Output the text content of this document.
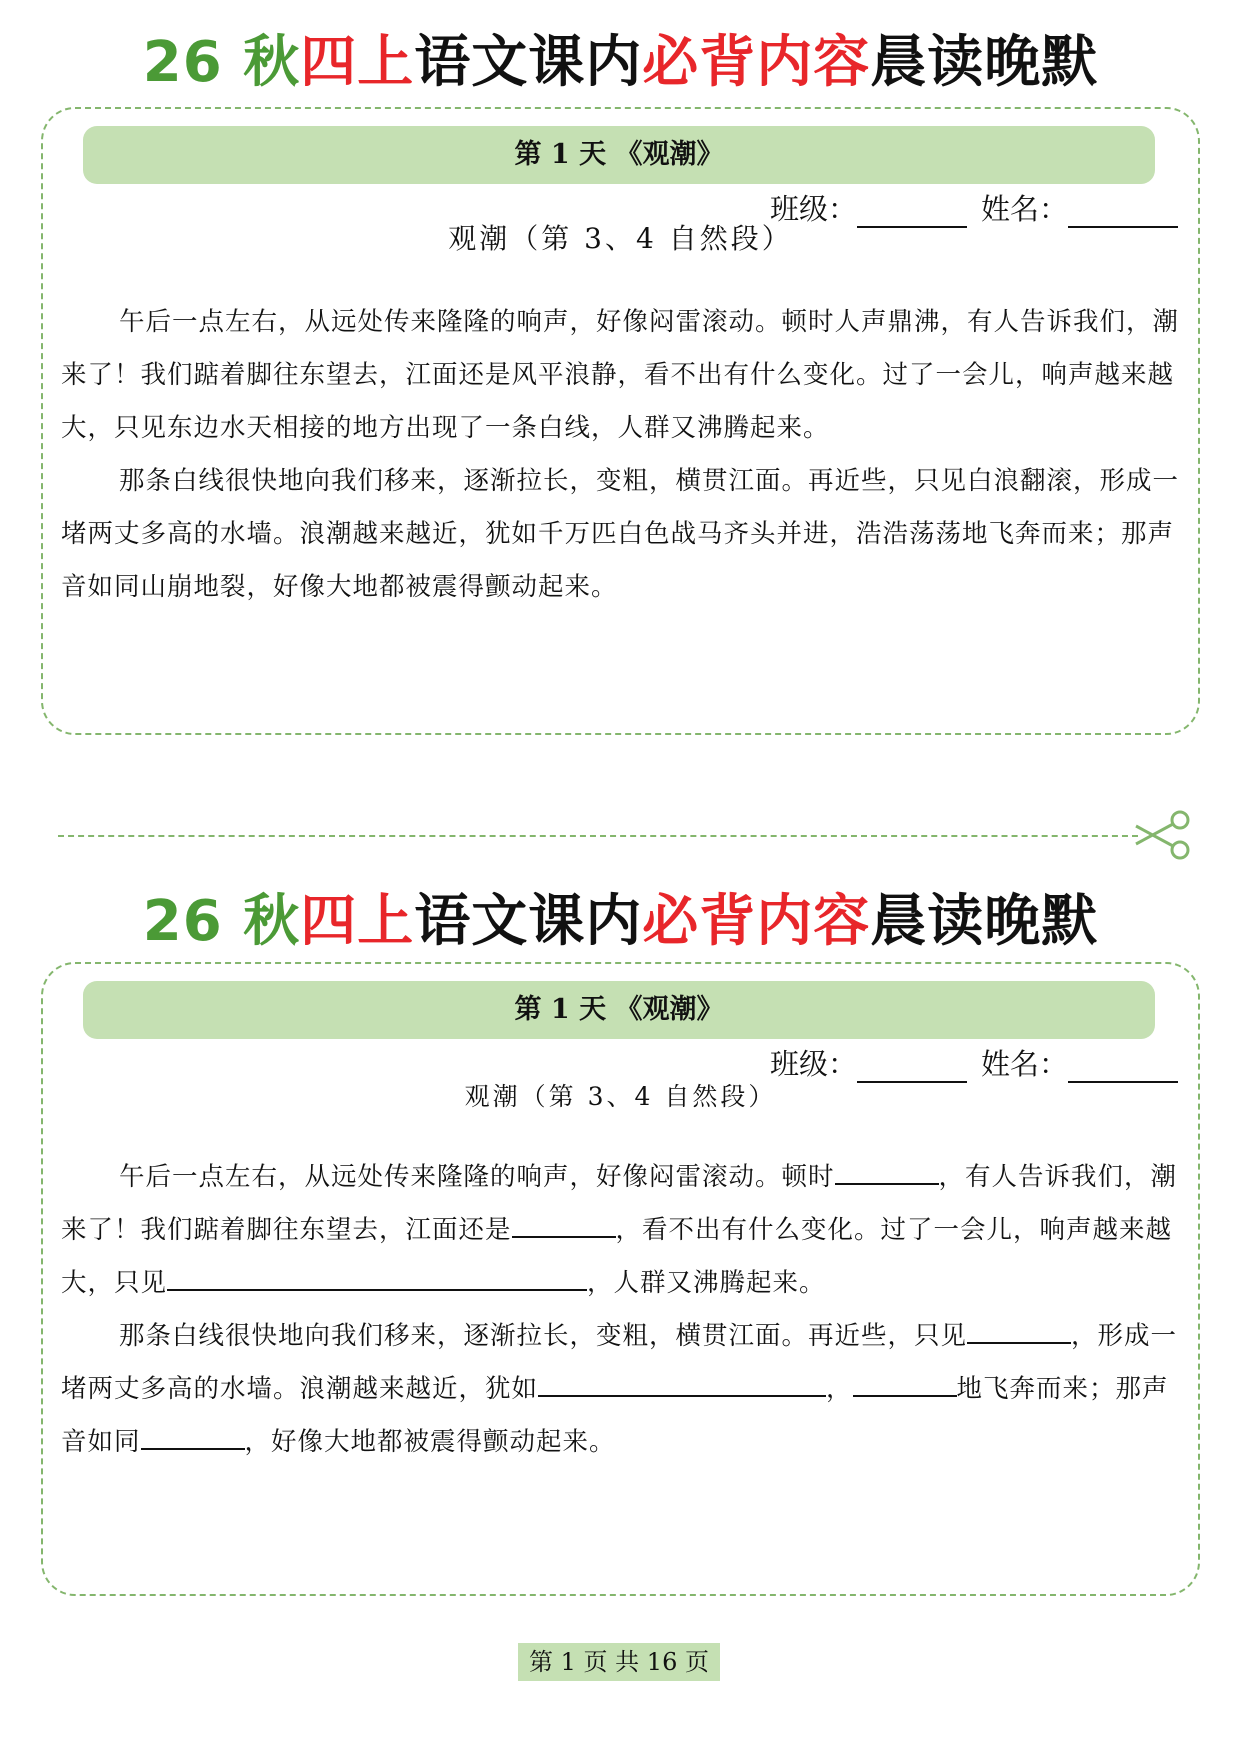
26 秋四上语文课内必背内容晨读晚默
第 1 天 《观潮》
班级：	姓名：
观潮（第 3、4 自然段）

午后一点左右，从远处传来隆隆的响声，好像闷雷滚动。顿时人声鼎沸，有人告诉我们，潮来了！我们踮着脚往东望去，江面还是风平浪静，看不出有什么变化。过了一会儿，响声越来越大，只见东边水天相接的地方出现了一条白线，人群又沸腾起来。

那条白线很快地向我们移来，逐渐拉长，变粗，横贯江面。再近些，只见白浪翻滚，形成一堵两丈多高的水墙。浪潮越来越近，犹如千万匹白色战马齐头并进，浩浩荡荡地飞奔而来；那声音如同山崩地裂，好像大地都被震得颤动起来。

26 秋四上语文课内必背内容晨读晚默
第 1 天 《观潮》
班级：	姓名：
观潮（第 3、4 自然段）

午后一点左右，从远处传来隆隆的响声，好像闷雷滚动。顿时	，有人告诉我们，潮来了！我们踮着脚往东望去，江面还是	，看不出有什么变化。过了一会儿，响声越来越大，只见	，人群又沸腾起来。

那条白线很快地向我们移来，逐渐拉长，变粗，横贯江面。再近些，只见	，形成一堵两丈多高的水墙。浪潮越来越近，犹如	，	地飞奔而来；那声音如同	，好像大地都被震得颤动起来。

第 1 页 共 16 页
